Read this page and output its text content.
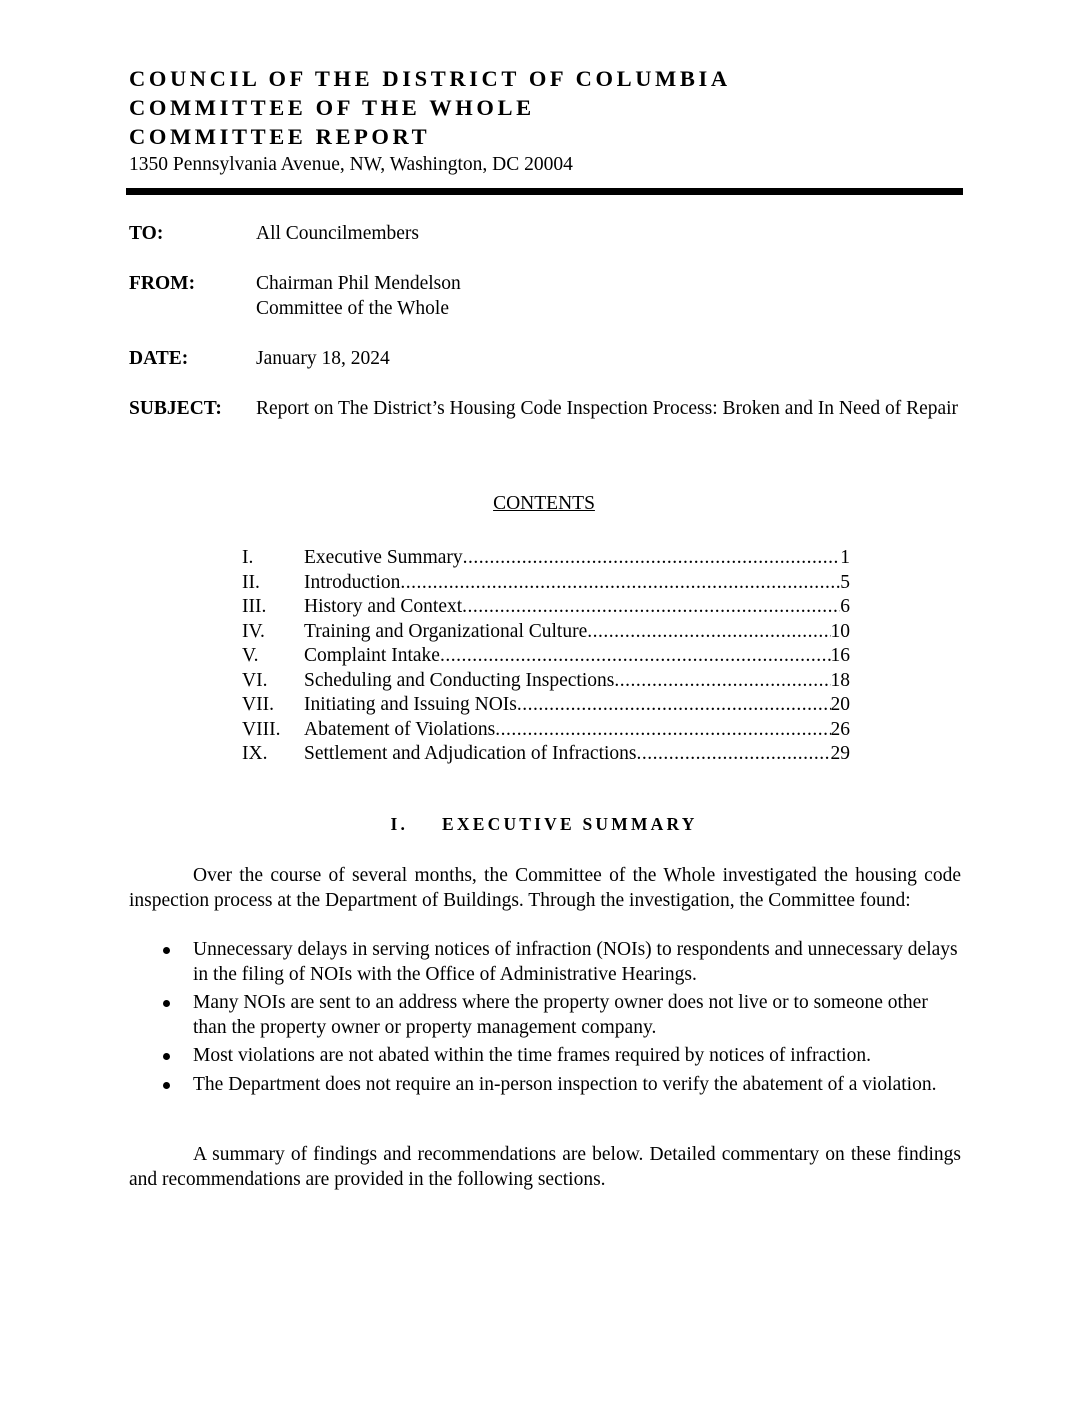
COUNCIL OF THE DISTRICT OF COLUMBIA
COMMITTEE OF THE WHOLE
COMMITTEE REPORT
1350 Pennsylvania Avenue, NW, Washington, DC 20004
TO:	All Councilmembers
FROM:	Chairman Phil Mendelson
Committee of the Whole
DATE:	January 18, 2024
SUBJECT: Report on The District’s Housing Code Inspection Process: Broken and In Need of Repair
CONTENTS
I.	Executive Summary .....	1
II.	Introduction .....	5
III.	History and Context .....	6
IV.	Training and Organizational Culture .....	10
V.	Complaint Intake .....	16
VI.	Scheduling and Conducting Inspections .....	18
VII.	Initiating and Issuing NOIs .....	20
VIII.	Abatement of Violations .....	26
IX.	Settlement and Adjudication of Infractions .....	29
I. EXECUTIVE SUMMARY
Over the course of several months, the Committee of the Whole investigated the housing code inspection process at the Department of Buildings. Through the investigation, the Committee found:
Unnecessary delays in serving notices of infraction (NOIs) to respondents and unnecessary delays in the filing of NOIs with the Office of Administrative Hearings.
Many NOIs are sent to an address where the property owner does not live or to someone other than the property owner or property management company.
Most violations are not abated within the time frames required by notices of infraction.
The Department does not require an in-person inspection to verify the abatement of a violation.
A summary of findings and recommendations are below. Detailed commentary on these findings and recommendations are provided in the following sections.
